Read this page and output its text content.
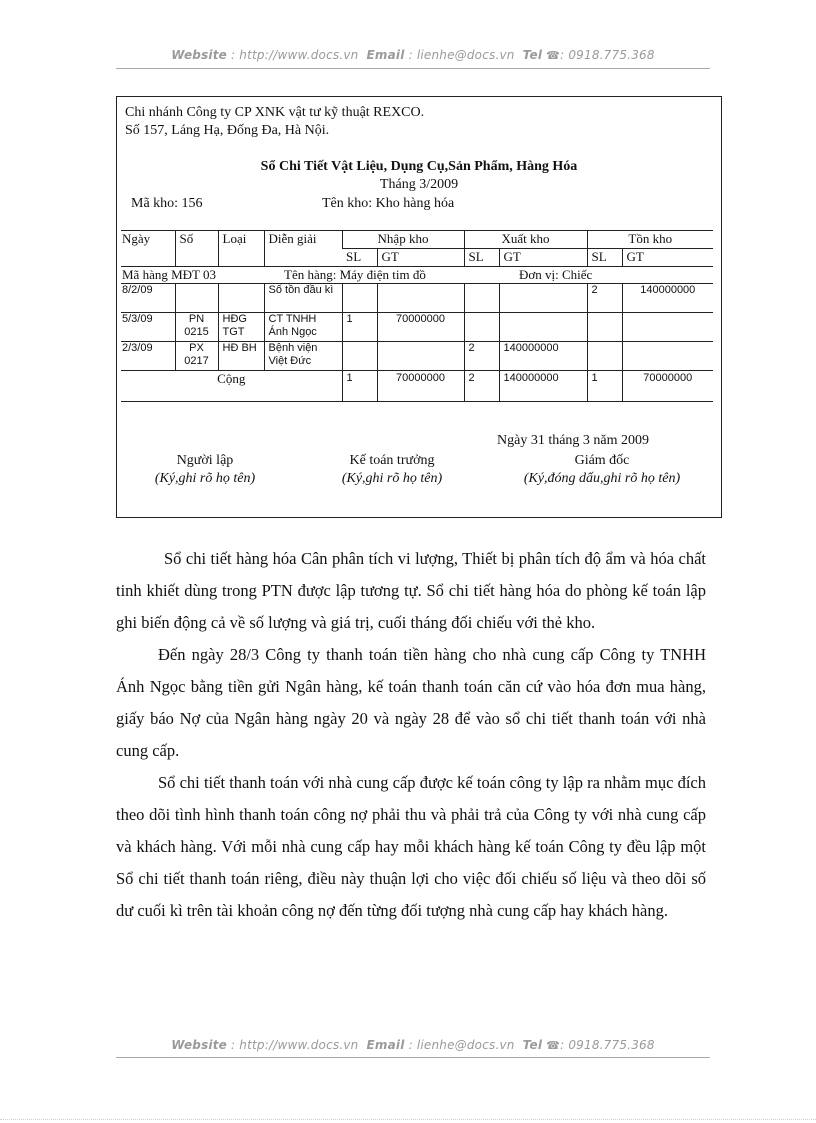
Website : http://www.docs.vn Email : lienhe@docs.vn Tel ☎: 0918.775.368
Chi nhánh Công ty CP XNK vật tư kỹ thuật REXCO.
Số 157, Láng Hạ, Đống Đa, Hà Nội.
Sổ Chi Tiết Vật Liệu, Dụng Cụ,Sản Phẩm, Hàng Hóa
Tháng 3/2009
Mã kho: 156	Tên kho: Kho hàng hóa
Ngày	Số	Loại	Diễn giải	Nhập kho		Xuất kho		Tồn kho	
				SL	GT	SL	GT	SL	GT
Mã hàng MĐT 03			Tên hàng: Máy điện tim đồ				Đơn vị: Chiếc		
8/2/09			Số tồn đầu kì					2	140000000
5/3/09	PN 0215	HĐG TGT	CT TNHH Ánh Ngọc	1	70000000				
2/3/09	PX 0217	HĐ BH	Bệnh viện Việt Đức			2	140000000		
Cộng				1	70000000	2	140000000	1	70000000
Ngày 31 tháng 3 năm 2009
Người lập
(Ký,ghi rõ họ tên)
Kế toán trưởng
(Ký,ghi rõ họ tên)
Giám đốc
(Ký,đóng dấu,ghi rõ họ tên)

Sổ chi tiết hàng hóa Cân phân tích vi lượng, Thiết bị phân tích độ ẩm và hóa chất tinh khiết dùng trong PTN được lập tương tự. Sổ chi tiết hàng hóa do phòng kế toán lập ghi biến động cả về số lượng và giá trị, cuối tháng đối chiếu với thẻ kho.

Đến ngày 28/3 Công ty thanh toán tiền hàng cho nhà cung cấp Công ty TNHH Ánh Ngọc bằng tiền gửi Ngân hàng, kế toán thanh toán căn cứ vào hóa đơn mua hàng, giấy báo Nợ của Ngân hàng ngày 20 và ngày 28 để vào sổ chi tiết thanh toán với nhà cung cấp.

Sổ chi tiết thanh toán với nhà cung cấp được kế toán công ty lập ra nhằm mục đích theo dõi tình hình thanh toán công nợ phải thu và phải trả của Công ty với nhà cung cấp và khách hàng. Với mỗi nhà cung cấp hay mỗi khách hàng kế toán Công ty đều lập một Sổ chi tiết thanh toán riêng, điều này thuận lợi cho việc đối chiếu số liệu và theo dõi số dư cuối kì trên tài khoản công nợ đến từng đối tượng nhà cung cấp hay khách hàng.

Website : http://www.docs.vn Email : lienhe@docs.vn Tel ☎: 0918.775.368
